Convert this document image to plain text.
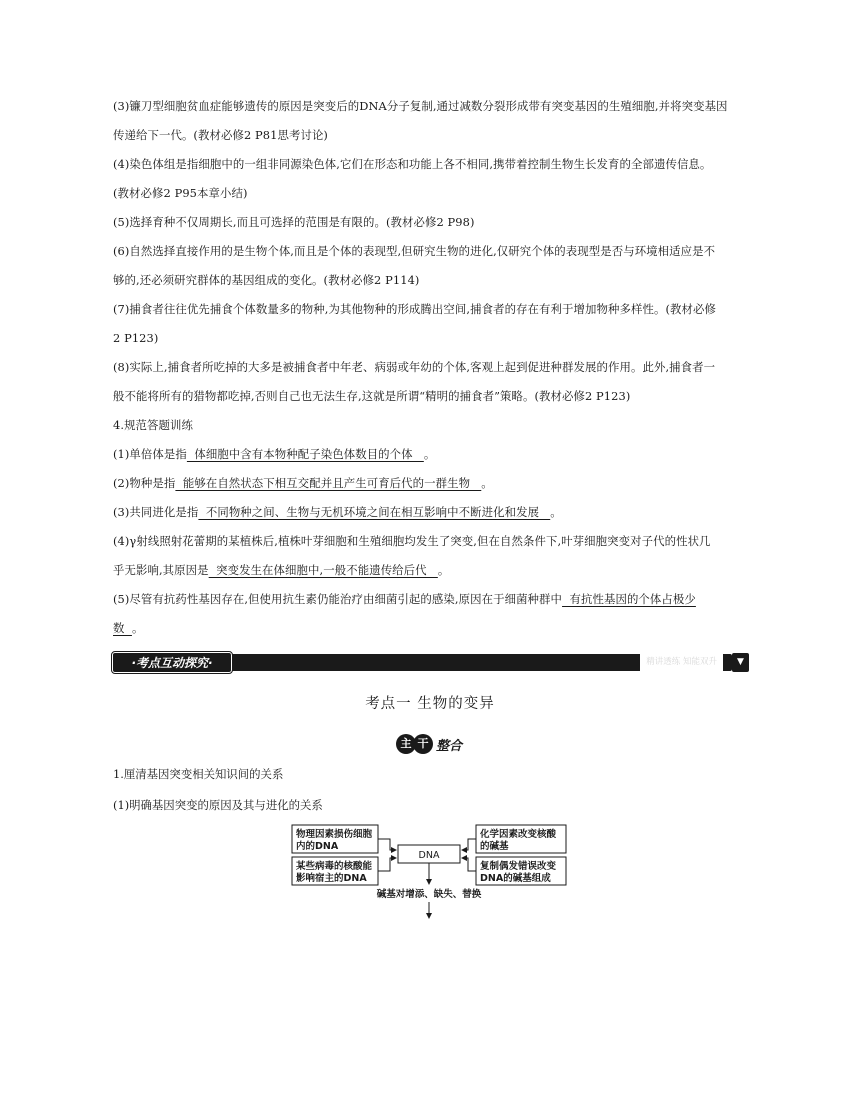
(3)镰刀型细胞贫血症能够遗传的原因是突变后的DNA分子复制,通过减数分裂形成带有突变基因的生殖细胞,并将突变基因
传递给下一代。(教材必修2 P81思考讨论)
(4)染色体组是指细胞中的一组非同源染色体,它们在形态和功能上各不相同,携带着控制生物生长发育的全部遗传信息。
(教材必修2 P95本章小结)
(5)选择育种不仅周期长,而且可选择的范围是有限的。(教材必修2 P98)
(6)自然选择直接作用的是生物个体,而且是个体的表现型,但研究生物的进化,仅研究个体的表现型是否与环境相适应是不
够的,还必须研究群体的基因组成的变化。(教材必修2 P114)
(7)捕食者往往优先捕食个体数量多的物种,为其他物种的形成腾出空间,捕食者的存在有利于增加物种多样性。(教材必修
2 P123)
(8)实际上,捕食者所吃掉的大多是被捕食者中年老、病弱或年幼的个体,客观上起到促进种群发展的作用。此外,捕食者一
般不能将所有的猎物都吃掉,否则自己也无法生存,这就是所谓“精明的捕食者”策略。(教材必修2 P123)
4.规范答题训练
(1)单倍体是指  体细胞中含有本物种配子染色体数目的个体   。
(2)物种是指  能够在自然状态下相互交配并且产生可育后代的一群生物   。
(3)共同进化是指  不同物种之间、生物与无机环境之间在相互影响中不断进化和发展   。
(4)γ射线照射花蕾期的某植株后,植株叶芽细胞和生殖细胞均发生了突变,但在自然条件下,叶芽细胞突变对子代的性状几
乎无影响,其原因是  突变发生在体细胞中,一般不能遗传给后代   。
(5)尽管有抗药性基因存在,但使用抗生素仍能治疗由细菌引起的感染,原因在于细菌种群中  有抗性基因的个体占极少
数  。
·考点互动探究·	精讲透练 知能双升	▼
考点一 生物的变异
主 干 整合
1.厘清基因突变相关知识间的关系
(1)明确基因突变的原因及其与进化的关系
物理因素损伤细胞
内的DNA
某些病毒的核酸能
影响宿主的DNA
DNA
化学因素改变核酸
的碱基
复制偶发错误改变
DNA的碱基组成
碱基对增添、缺失、替换
